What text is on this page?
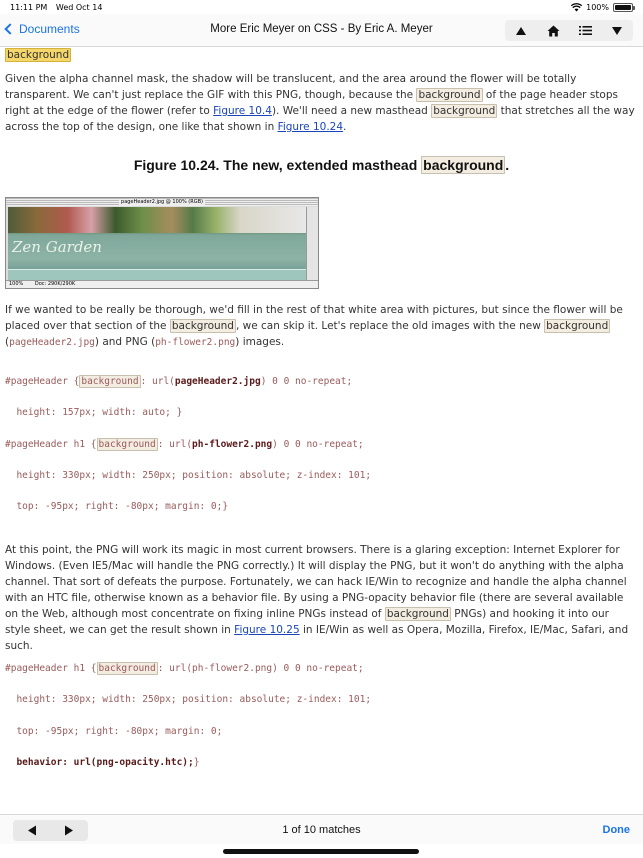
11:11 PM Wed Oct 14	100%
Documents	More Eric Meyer on CSS - By Eric A. Meyer
background
Given the alpha channel mask, the shadow will be translucent, and the area around the flower will be totally transparent. We can't just replace the GIF with this PNG, though, because the background of the page header stops right at the edge of the flower (refer to Figure 10.4). We'll need a new masthead background that stretches all the way across the top of the design, one like that shown in Figure 10.24.
Figure 10.24. The new, extended masthead background .
pageHeader2.jpg @ 100% (RGB)
Zen Garden
100% Doc: 290K/290K
If we wanted to be really be thorough, we'd fill in the rest of that white area with pictures, but since the flower will be placed over that section of the background , we can skip it. Let's replace the old images with the new background (pageHeader2.jpg) and PNG (ph-flower2.png) images.
#pageHeader { background : url(pageHeader2.jpg) 0 0 no-repeat;
height: 157px; width: auto; }
#pageHeader h1 { background : url(ph-flower2.png) 0 0 no-repeat;
height: 330px; width: 250px; position: absolute; z-index: 101;
top: -95px; right: -80px; margin: 0;}
At this point, the PNG will work its magic in most current browsers. There is a glaring exception: Internet Explorer for Windows. (Even IE5/Mac will handle the PNG correctly.) It will display the PNG, but it won't do anything with the alpha channel. That sort of defeats the purpose. Fortunately, we can hack IE/Win to recognize and handle the alpha channel with an HTC file, otherwise known as a behavior file. By using a PNG-opacity behavior file (there are several available on the Web, although most concentrate on fixing inline PNGs instead of background PNGs) and hooking it into our style sheet, we can get the result shown in Figure 10.25 in IE/Win as well as Opera, Mozilla, Firefox, IE/Mac, Safari, and such.
#pageHeader h1 { background : url(ph-flower2.png) 0 0 no-repeat;
height: 330px; width: 250px; position: absolute; z-index: 101;
top: -95px; right: -80px; margin: 0;
behavior: url(png-opacity.htc);}
1 of 10 matches	Done
